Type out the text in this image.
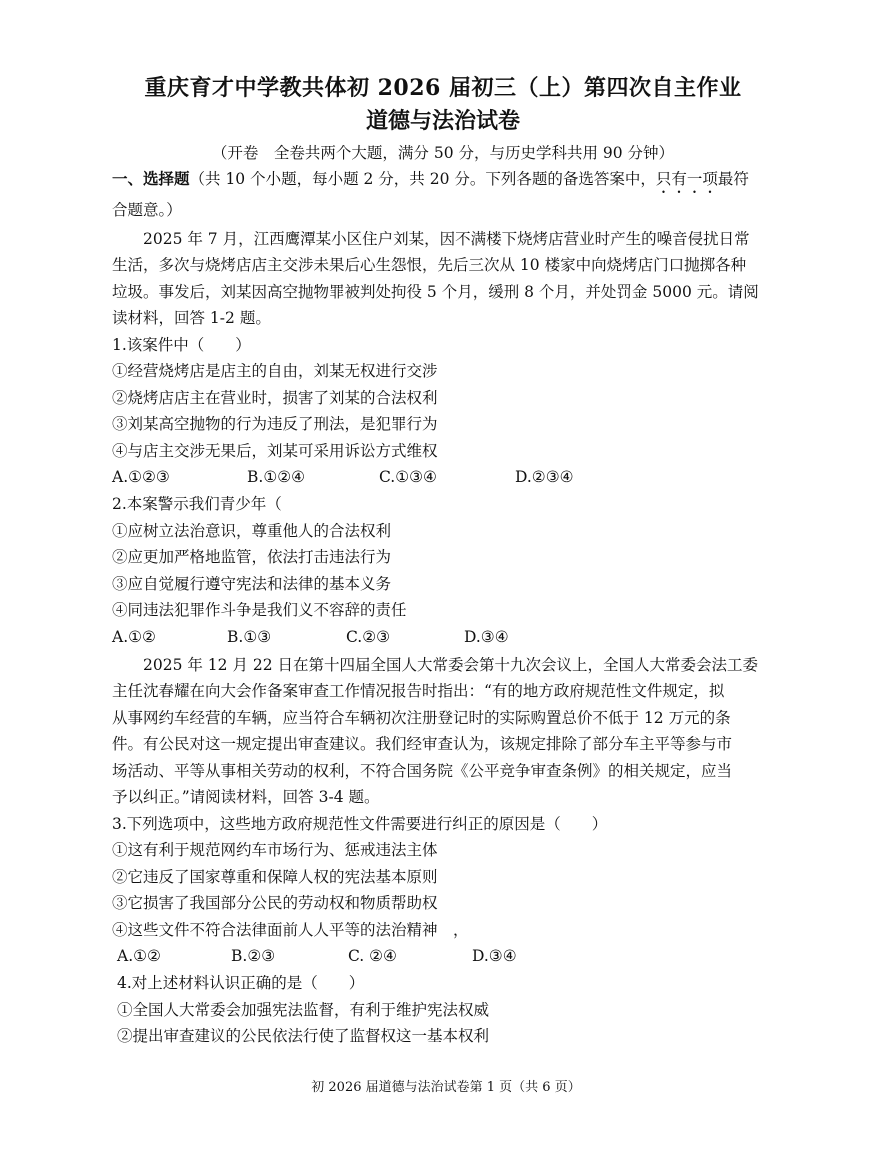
重庆育才中学教共体初 2026 届初三（上）第四次自主作业
道德与法治试卷

（开卷　全卷共两个大题，满分 50 分，与历史学科共用 90 分钟）

一、选择题（共 10 个小题，每小题 2 分，共 20 分。下列各题的备选答案中，只有一项最符
合题意。）
2025 年 7 月，江西鹰潭某小区住户刘某，因不满楼下烧烤店营业时产生的噪音侵扰日常
生活，多次与烧烤店店主交涉未果后心生怨恨，先后三次从 10 楼家中向烧烤店门口抛掷各种
垃圾。事发后，刘某因高空抛物罪被判处拘役 5 个月，缓刑 8 个月，并处罚金 5000 元。请阅
读材料，回答 1-2 题。
1.该案件中（　　）
①经营烧烤店是店主的自由，刘某无权进行交涉
②烧烤店店主在营业时，损害了刘某的合法权利
③刘某高空抛物的行为违反了刑法，是犯罪行为
④与店主交涉无果后，刘某可采用诉讼方式维权
A.①②③	B.①②④	C.①③④	D.②③④
2.本案警示我们青少年（
①应树立法治意识，尊重他人的合法权利
②应更加严格地监管，依法打击违法行为
③应自觉履行遵守宪法和法律的基本义务
④同违法犯罪作斗争是我们义不容辞的责任
A.①②	B.①③	C.②③	D.③④
2025 年 12 月 22 日在第十四届全国人大常委会第十九次会议上，全国人大常委会法工委
主任沈春耀在向大会作备案审查工作情况报告时指出：“有的地方政府规范性文件规定，拟
从事网约车经营的车辆，应当符合车辆初次注册登记时的实际购置总价不低于 12 万元的条
件。有公民对这一规定提出审查建议。我们经审查认为，该规定排除了部分车主平等参与市
场活动、平等从事相关劳动的权利，不符合国务院《公平竞争审查条例》的相关规定，应当
予以纠正。”请阅读材料，回答 3-4 题。
3.下列选项中，这些地方政府规范性文件需要进行纠正的原因是（　　）
①这有利于规范网约车市场行为、惩戒违法主体
②它违反了国家尊重和保障人权的宪法基本原则
③它损害了我国部分公民的劳动权和物质帮助权
④这些文件不符合法律面前人人平等的法治精神　，
A.①②	B.②③	C. ②④	D.③④
4.对上述材料认识正确的是（　　）
①全国人大常委会加强宪法监督，有利于维护宪法权威
②提出审查建议的公民依法行使了监督权这一基本权利
初 2026 届道德与法治试卷第 1 页（共 6 页）
